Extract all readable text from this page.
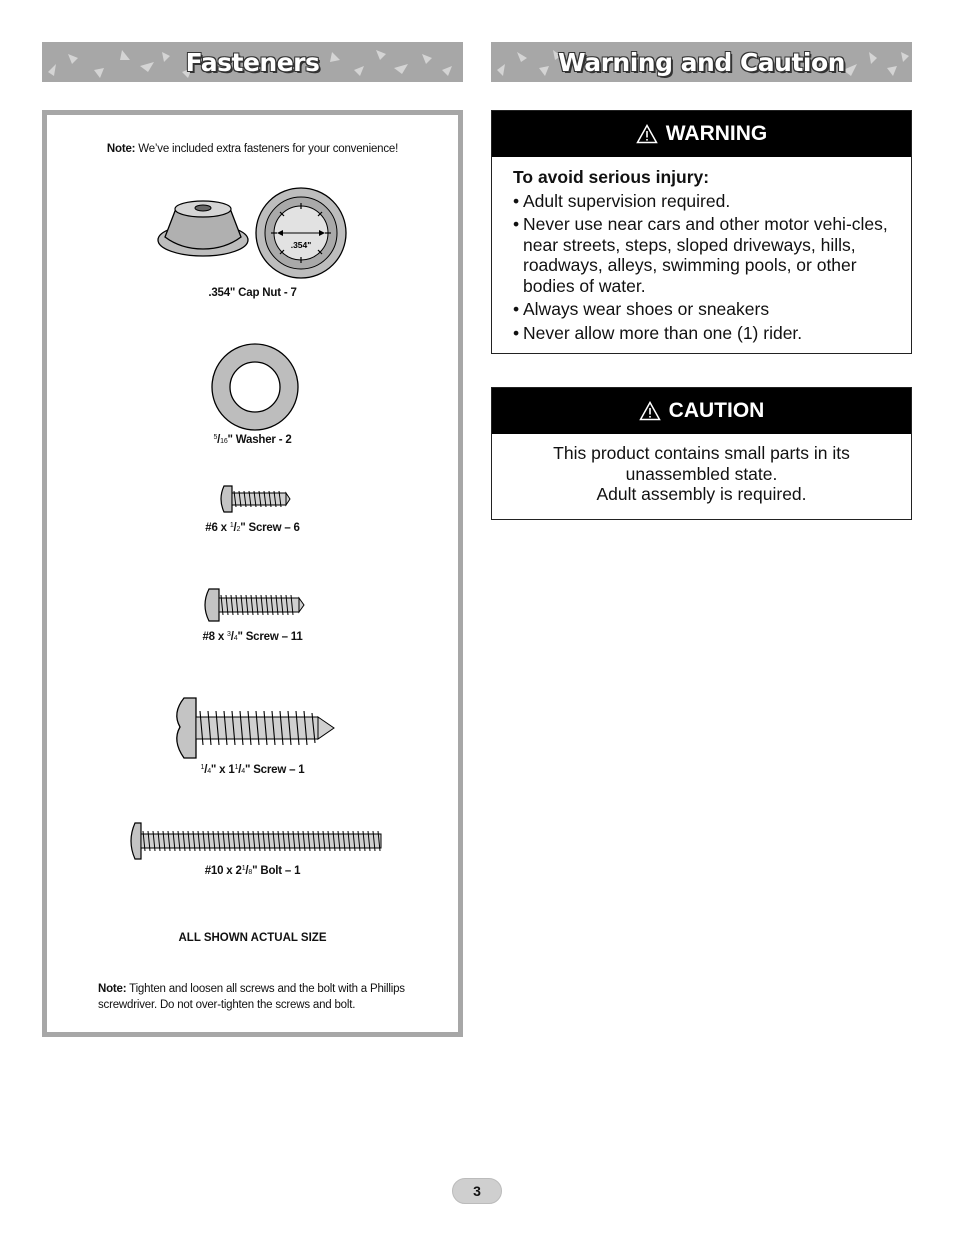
Fasteners	Warning and Caution
Note: We’ve included extra fasteners for your convenience!
.354"
.354" Cap Nut - 7
$^5$/16" Washer - 2
#6 x $^1$/2" Screw – 6
#8 x $^3$/4" Screw – 11
$^1$/4" x $1^1/4$" Screw – 1
#10 x $2^1/8$" Bolt – 1
ALL SHOWN ACTUAL SIZE
Note: Tighten and loosen all screws and the bolt with a Phillips screwdriver. Do not over-tighten the screws and bolt.
WARNING
To avoid serious injury:
• Adult supervision required.
• Never use near cars and other motor vehi-cles, near streets, steps, sloped driveways, hills, roadways, alleys, swimming pools, or other bodies of water.
• Always wear shoes or sneakers
• Never allow more than one (1) rider.
CAUTION
This product contains small parts in its
unassembled state.
Adult assembly is required.
3
